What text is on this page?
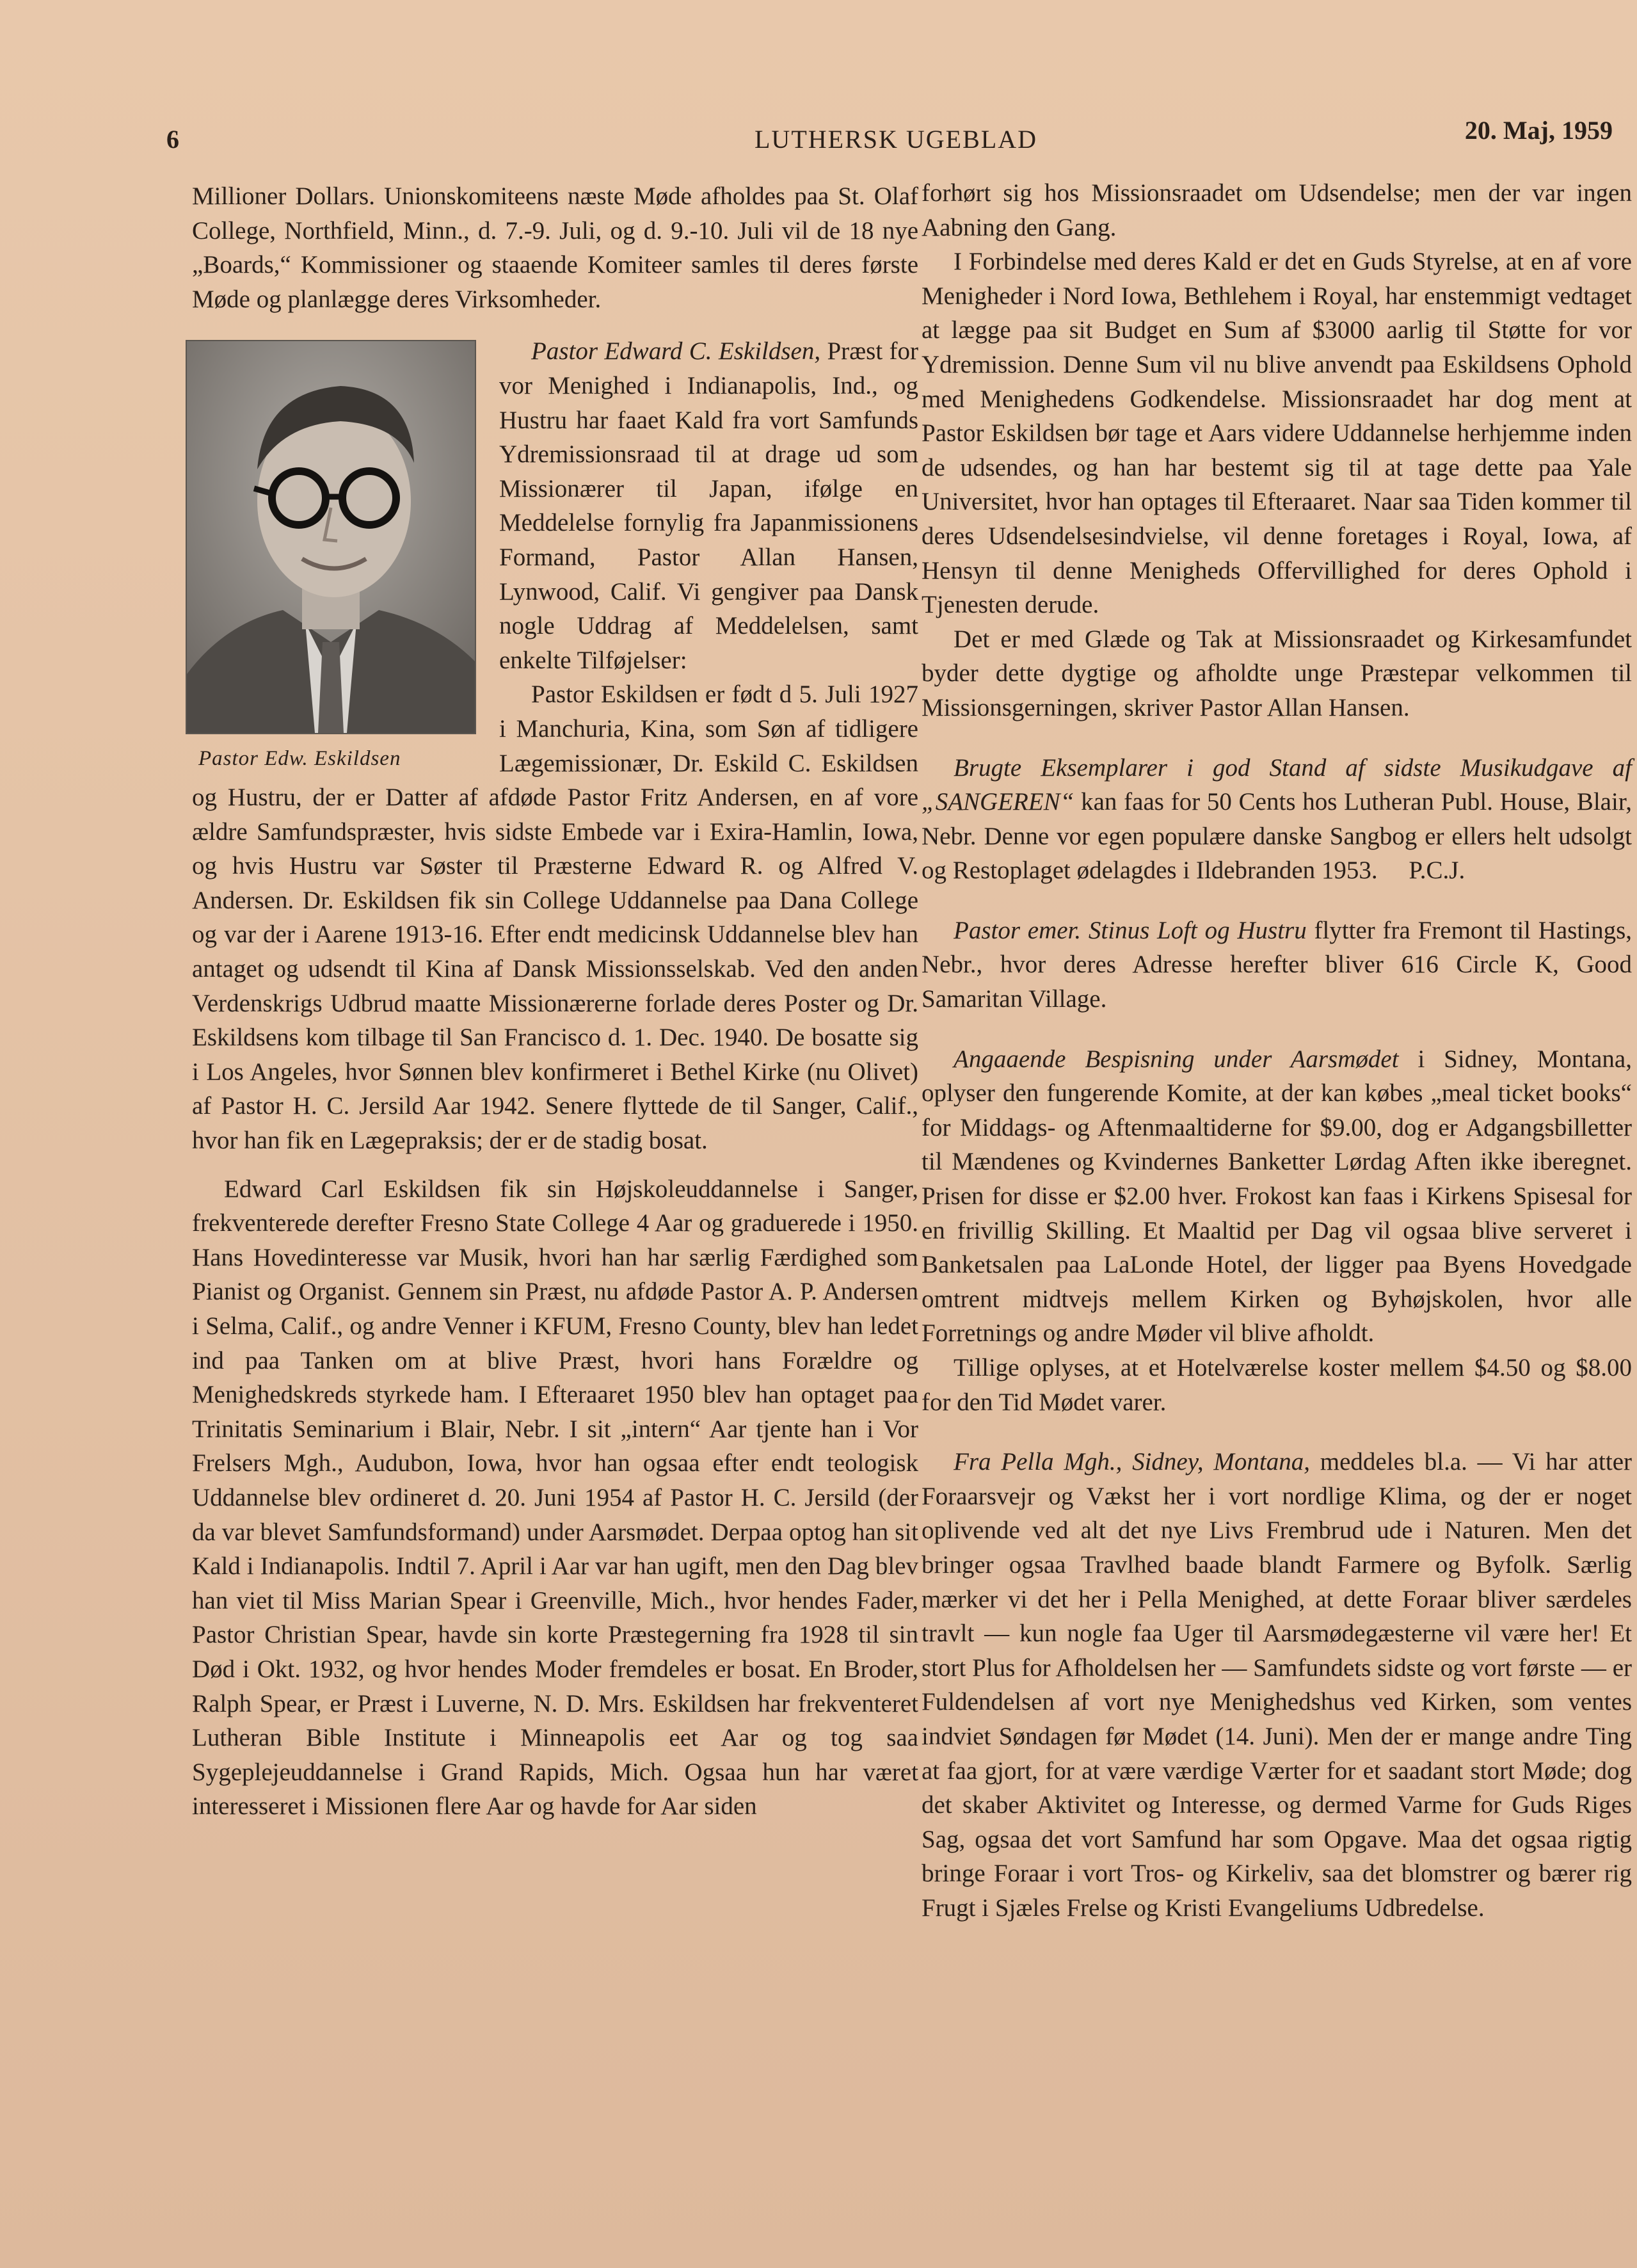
6	LUTHERSK UGEBLAD	20. Maj, 1959

Millioner Dollars. Unionskomiteens næste Møde afholdes paa St. Olaf College, Northfield, Minn., d. 7.-9. Juli, og d. 9.-10. Juli vil de 18 nye „Boards,“ Kommissioner og staaende Komiteer samles til deres første Møde og planlægge deres Virksomheder.

Pastor Edw. Eskildsen

Pastor Edward C. Eskildsen, Præst for vor Menighed i Indianapolis, Ind., og Hustru har faaet Kald fra vort Samfunds Ydremissionsraad til at drage ud som Missionærer til Japan, ifølge en Meddelelse fornylig fra Japanmissionens Formand, Pastor Allan Hansen, Lynwood, Calif. Vi gengiver paa Dansk nogle Uddrag af Meddelelsen, samt enkelte Tilføjelser:

Pastor Eskildsen er født d 5. Juli 1927 i Manchuria, Kina, som Søn af tidligere Lægemissionær, Dr. Eskild C. Eskildsen og Hustru, der er Datter af afdøde Pastor Fritz Andersen, en af vore ældre Samfundspræster, hvis sidste Embede var i Exira-Hamlin, Iowa, og hvis Hustru var Søster til Præsterne Edward R. og Alfred V. Andersen. Dr. Eskildsen fik sin College Uddannelse paa Dana College og var der i Aarene 1913-16. Efter endt medicinsk Uddannelse blev han antaget og udsendt til Kina af Dansk Missionsselskab. Ved den anden Verdenskrigs Udbrud maatte Missionærerne forlade deres Poster og Dr. Eskildsens kom tilbage til San Francisco d. 1. Dec. 1940. De bosatte sig i Los Angeles, hvor Sønnen blev konfirmeret i Bethel Kirke (nu Olivet) af Pastor H. C. Jersild Aar 1942. Senere flyttede de til Sanger, Calif., hvor han fik en Lægepraksis; der er de stadig bosat.

Edward Carl Eskildsen fik sin Højskoleuddannelse i Sanger, frekventerede derefter Fresno State College 4 Aar og graduerede i 1950. Hans Hovedinteresse var Musik, hvori han har særlig Færdighed som Pianist og Organist. Gennem sin Præst, nu afdøde Pastor A. P. Andersen i Selma, Calif., og andre Venner i KFUM, Fresno County, blev han ledet ind paa Tanken om at blive Præst, hvori hans Forældre og Menighedskreds styrkede ham. I Efteraaret 1950 blev han optaget paa Trinitatis Seminarium i Blair, Nebr. I sit „intern“ Aar tjente han i Vor Frelsers Mgh., Audubon, Iowa, hvor han ogsaa efter endt teologisk Uddannelse blev ordineret d. 20. Juni 1954 af Pastor H. C. Jersild (der da var blevet Samfundsformand) under Aarsmødet. Derpaa optog han sit Kald i Indianapolis. Indtil 7. April i Aar var han ugift, men den Dag blev han viet til Miss Marian Spear i Greenville, Mich., hvor hendes Fader, Pastor Christian Spear, havde sin korte Præstegerning fra 1928 til sin Død i Okt. 1932, og hvor hendes Moder fremdeles er bosat. En Broder, Ralph Spear, er Præst i Luverne, N. D. Mrs. Eskildsen har frekventeret Lutheran Bible Institute i Minneapolis eet Aar og tog saa Sygeplejeuddannelse i Grand Rapids, Mich. Ogsaa hun har været interesseret i Missionen flere Aar og havde for Aar siden

forhørt sig hos Missionsraadet om Udsendelse; men der var ingen Aabning den Gang.

I Forbindelse med deres Kald er det en Guds Styrelse, at en af vore Menigheder i Nord Iowa, Bethlehem i Royal, har enstemmigt vedtaget at lægge paa sit Budget en Sum af $3000 aarlig til Støtte for vor Ydremission. Denne Sum vil nu blive anvendt paa Eskildsens Ophold med Menighedens Godkendelse. Missionsraadet har dog ment at Pastor Eskildsen bør tage et Aars videre Uddannelse herhjemme inden de udsendes, og han har bestemt sig til at tage dette paa Yale Universitet, hvor han optages til Efteraaret. Naar saa Tiden kommer til deres Udsendelsesindvielse, vil denne foretages i Royal, Iowa, af Hensyn til denne Menigheds Offervillighed for deres Ophold i Tjenesten derude.

Det er med Glæde og Tak at Missionsraadet og Kirkesamfundet byder dette dygtige og afholdte unge Præstepar velkommen til Missionsgerningen, skriver Pastor Allan Hansen.

Brugte Eksemplarer i god Stand af sidste Musikudgave af „SANGEREN“ kan faas for 50 Cents hos Lutheran Publ. House, Blair, Nebr. Denne vor egen populære danske Sangbog er ellers helt udsolgt og Restoplaget ødelagdes i Ildebranden 1953. P.C.J.

Pastor emer. Stinus Loft og Hustru flytter fra Fremont til Hastings, Nebr., hvor deres Adresse herefter bliver 616 Circle K, Good Samaritan Village.

Angaaende Bespisning under Aarsmødet i Sidney, Montana, oplyser den fungerende Komite, at der kan købes „meal ticket books“ for Middags- og Aftenmaaltiderne for $9.00, dog er Adgangsbilletter til Mændenes og Kvindernes Banketter Lørdag Aften ikke iberegnet. Prisen for disse er $2.00 hver. Frokost kan faas i Kirkens Spisesal for en frivillig Skilling. Et Maaltid per Dag vil ogsaa blive serveret i Banketsalen paa LaLonde Hotel, der ligger paa Byens Hovedgade omtrent midtvejs mellem Kirken og Byhøjskolen, hvor alle Forretnings og andre Møder vil blive afholdt.

Tillige oplyses, at et Hotelværelse koster mellem $4.50 og $8.00 for den Tid Mødet varer.

Fra Pella Mgh., Sidney, Montana, meddeles bl.a. — Vi har atter Foraarsvejr og Vækst her i vort nordlige Klima, og der er noget oplivende ved alt det nye Livs Frembrud ude i Naturen. Men det bringer ogsaa Travlhed baade blandt Farmere og Byfolk. Særlig mærker vi det her i Pella Menighed, at dette Foraar bliver særdeles travlt — kun nogle faa Uger til Aarsmødegæsterne vil være her! Et stort Plus for Afholdelsen her — Samfundets sidste og vort første — er Fuldendelsen af vort nye Menighedshus ved Kirken, som ventes indviet Søndagen før Mødet (14. Juni). Men der er mange andre Ting at faa gjort, for at være værdige Værter for et saadant stort Møde; dog det skaber Aktivitet og Interesse, og dermed Varme for Guds Riges Sag, ogsaa det vort Samfund har som Opgave. Maa det ogsaa rigtig bringe Foraar i vort Tros- og Kirkeliv, saa det blomstrer og bærer rig Frugt i Sjæles Frelse og Kristi Evangeliums Udbredelse.
